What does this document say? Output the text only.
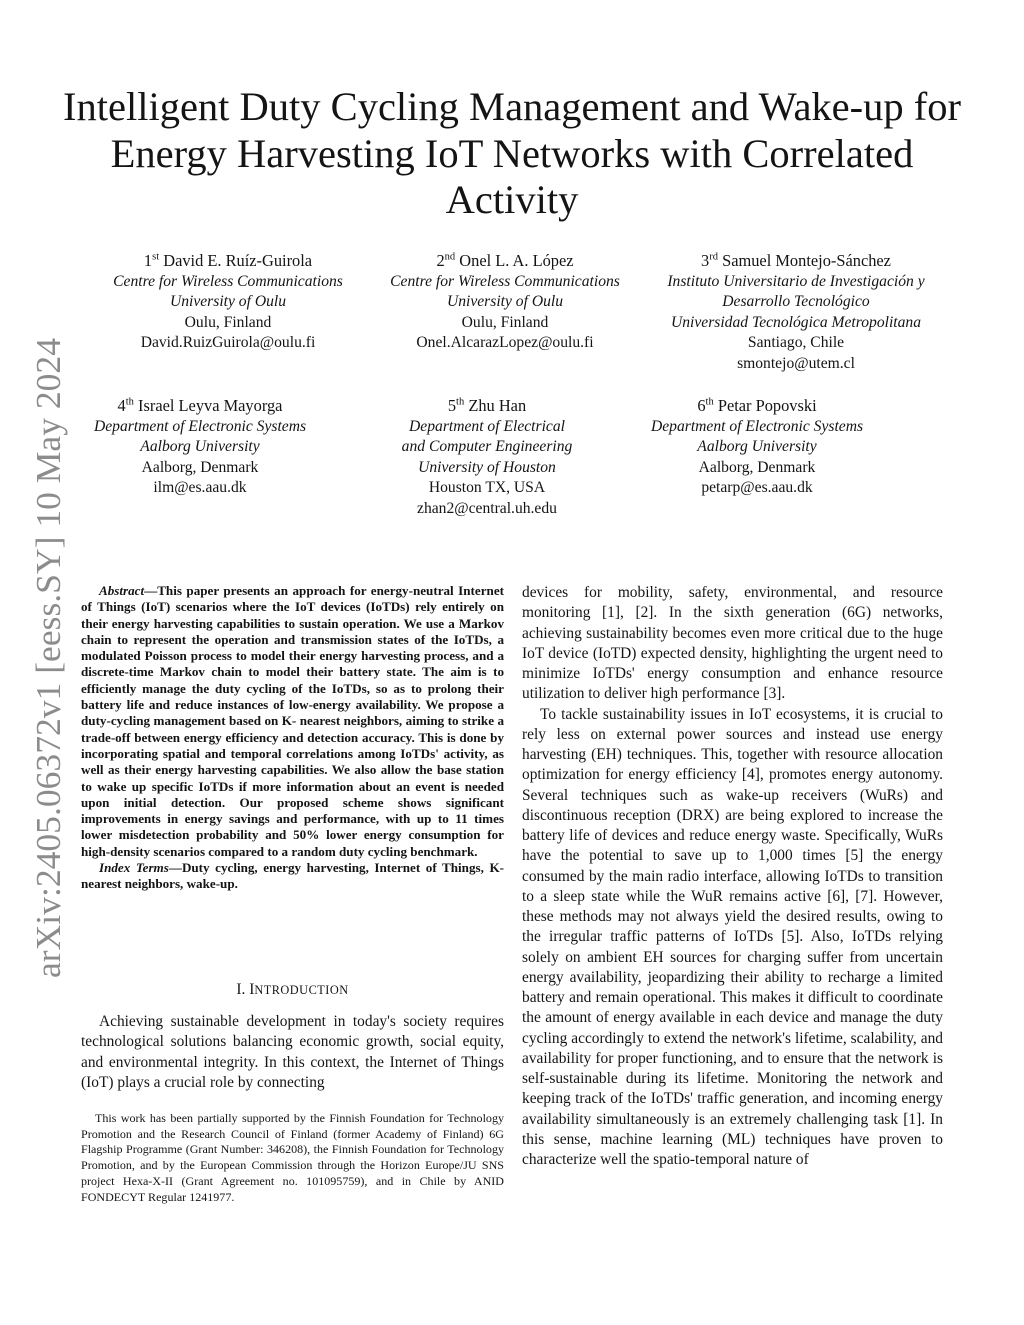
arXiv:2405.06372v1 [eess.SY] 10 May 2024
Intelligent Duty Cycling Management and Wake-up for Energy Harvesting IoT Networks with Correlated Activity
1st David E. Ruíz-Guirola
Centre for Wireless Communications
University of Oulu
Oulu, Finland
David.RuizGuirola@oulu.fi
2nd Onel L. A. López
Centre for Wireless Communications
University of Oulu
Oulu, Finland
Onel.AlcarazLopez@oulu.fi
3rd Samuel Montejo-Sánchez
Instituto Universitario de Investigación y
Desarrollo Tecnológico
Universidad Tecnológica Metropolitana
Santiago, Chile
smontejo@utem.cl
4th Israel Leyva Mayorga
Department of Electronic Systems
Aalborg University
Aalborg, Denmark
ilm@es.aau.dk
5th Zhu Han
Department of Electrical
and Computer Engineering
University of Houston
Houston TX, USA
zhan2@central.uh.edu
6th Petar Popovski
Department of Electronic Systems
Aalborg University
Aalborg, Denmark
petarp@es.aau.dk

Abstract—This paper presents an approach for energy-neutral Internet of Things (IoT) scenarios where the IoT devices (IoTDs) rely entirely on their energy harvesting capabilities to sustain operation. We use a Markov chain to represent the operation and transmission states of the IoTDs, a modulated Poisson process to model their energy harvesting process, and a discrete-time Markov chain to model their battery state. The aim is to efficiently manage the duty cycling of the IoTDs, so as to prolong their battery life and reduce instances of low-energy availability. We propose a duty-cycling management based on K- nearest neighbors, aiming to strike a trade-off between energy efficiency and detection accuracy. This is done by incorporating spatial and temporal correlations among IoTDs' activity, as well as their energy harvesting capabilities. We also allow the base station to wake up specific IoTDs if more information about an event is needed upon initial detection. Our proposed scheme shows significant improvements in energy savings and performance, with up to 11 times lower misdetection probability and 50% lower energy consumption for high-density scenarios compared to a random duty cycling benchmark.

Index Terms—Duty cycling, energy harvesting, Internet of Things, K-nearest neighbors, wake-up.

I. INTRODUCTION

Achieving sustainable development in today's society requires technological solutions balancing economic growth, social equity, and environmental integrity. In this context, the Internet of Things (IoT) plays a crucial role by connecting

This work has been partially supported by the Finnish Foundation for Technology Promotion and the Research Council of Finland (former Academy of Finland) 6G Flagship Programme (Grant Number: 346208), the Finnish Foundation for Technology Promotion, and by the European Commission through the Horizon Europe/JU SNS project Hexa-X-II (Grant Agreement no. 101095759), and in Chile by ANID FONDECYT Regular 1241977.

devices for mobility, safety, environmental, and resource monitoring [1], [2]. In the sixth generation (6G) networks, achieving sustainability becomes even more critical due to the huge IoT device (IoTD) expected density, highlighting the urgent need to minimize IoTDs' energy consumption and enhance resource utilization to deliver high performance [3].

To tackle sustainability issues in IoT ecosystems, it is crucial to rely less on external power sources and instead use energy harvesting (EH) techniques. This, together with resource allocation optimization for energy efficiency [4], promotes energy autonomy. Several techniques such as wake-up receivers (WuRs) and discontinuous reception (DRX) are being explored to increase the battery life of devices and reduce energy waste. Specifically, WuRs have the potential to save up to 1,000 times [5] the energy consumed by the main radio interface, allowing IoTDs to transition to a sleep state while the WuR remains active [6], [7]. However, these methods may not always yield the desired results, owing to the irregular traffic patterns of IoTDs [5]. Also, IoTDs relying solely on ambient EH sources for charging suffer from uncertain energy availability, jeopardizing their ability to recharge a limited battery and remain operational. This makes it difficult to coordinate the amount of energy available in each device and manage the duty cycling accordingly to extend the network's lifetime, scalability, and availability for proper functioning, and to ensure that the network is self-sustainable during its lifetime. Monitoring the network and keeping track of the IoTDs' traffic generation, and incoming energy availability simultaneously is an extremely challenging task [1]. In this sense, machine learning (ML) techniques have proven to characterize well the spatio-temporal nature of
